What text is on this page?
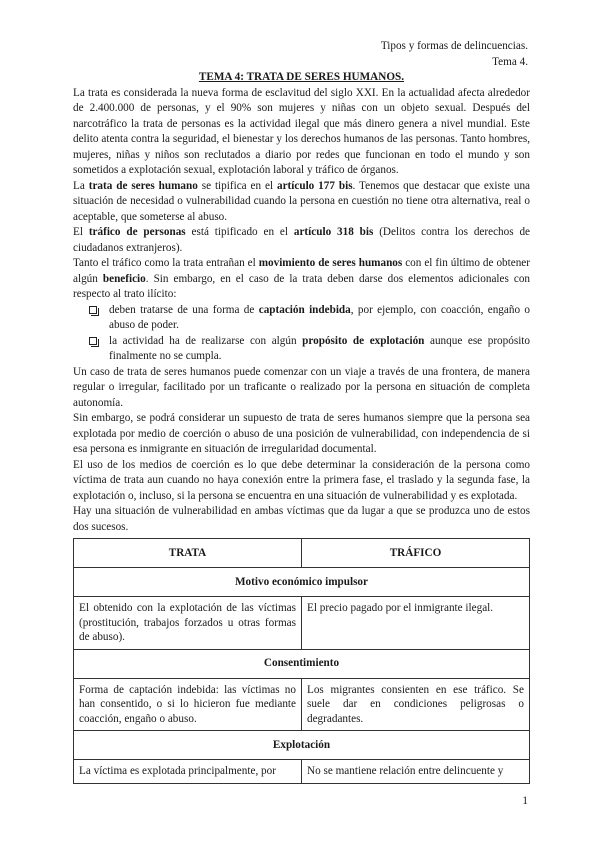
Tipos y formas de delincuencias.
Tema 4.

TEMA 4: TRATA DE SERES HUMANOS.

La trata es considerada la nueva forma de esclavitud del siglo XXI. En la actualidad afecta alrededor de 2.400.000 de personas, y el 90% son mujeres y niñas con un objeto sexual. Después del narcotráfico la trata de personas es la actividad ilegal que más dinero genera a nivel mundial. Este delito atenta contra la seguridad, el bienestar y los derechos humanos de las personas. Tanto hombres, mujeres, niñas y niños son reclutados a diario por redes que funcionan en todo el mundo y son sometidos a explotación sexual, explotación laboral y tráfico de órganos.

La trata de seres humano se tipifica en el artículo 177 bis. Tenemos que destacar que existe una situación de necesidad o vulnerabilidad cuando la persona en cuestión no tiene otra alternativa, real o aceptable, que someterse al abuso.

El tráfico de personas está tipificado en el artículo 318 bis (Delitos contra los derechos de ciudadanos extranjeros).

Tanto el tráfico como la trata entrañan el movimiento de seres humanos con el fin último de obtener algún beneficio. Sin embargo, en el caso de la trata deben darse dos elementos adicionales con respecto al trato ilícito:

deben tratarse de una forma de captación indebida, por ejemplo, con coacción, engaño o abuso de poder.

la actividad ha de realizarse con algún propósito de explotación aunque ese propósito finalmente no se cumpla.

Un caso de trata de seres humanos puede comenzar con un viaje a través de una frontera, de manera regular o irregular, facilitado por un traficante o realizado por la persona en situación de completa autonomía.

Sin embargo, se podrá considerar un supuesto de trata de seres humanos siempre que la persona sea explotada por medio de coerción o abuso de una posición de vulnerabilidad, con independencia de si esa persona es inmigrante en situación de irregularidad documental.

El uso de los medios de coerción es lo que debe determinar la consideración de la persona como víctima de trata aun cuando no haya conexión entre la primera fase, el traslado y la segunda fase, la explotación o, incluso, si la persona se encuentra en una situación de vulnerabilidad y es explotada.

Hay una situación de vulnerabilidad en ambas víctimas que da lugar a que se produzca uno de estos dos sucesos.

TRATA	TRÁFICO
Motivo económico impulsor	
El obtenido con la explotación de las víctimas (prostitución, trabajos forzados u otras formas de abuso).	El precio pagado por el inmigrante ilegal.
Consentimiento	
Forma de captación indebida: las víctimas no han consentido, o si lo hicieron fue mediante coacción, engaño o abuso.	Los migrantes consienten en ese tráfico. Se suele dar en condiciones peligrosas o degradantes.
Explotación	
La víctima es explotada principalmente, por	No se mantiene relación entre delincuente y
1
